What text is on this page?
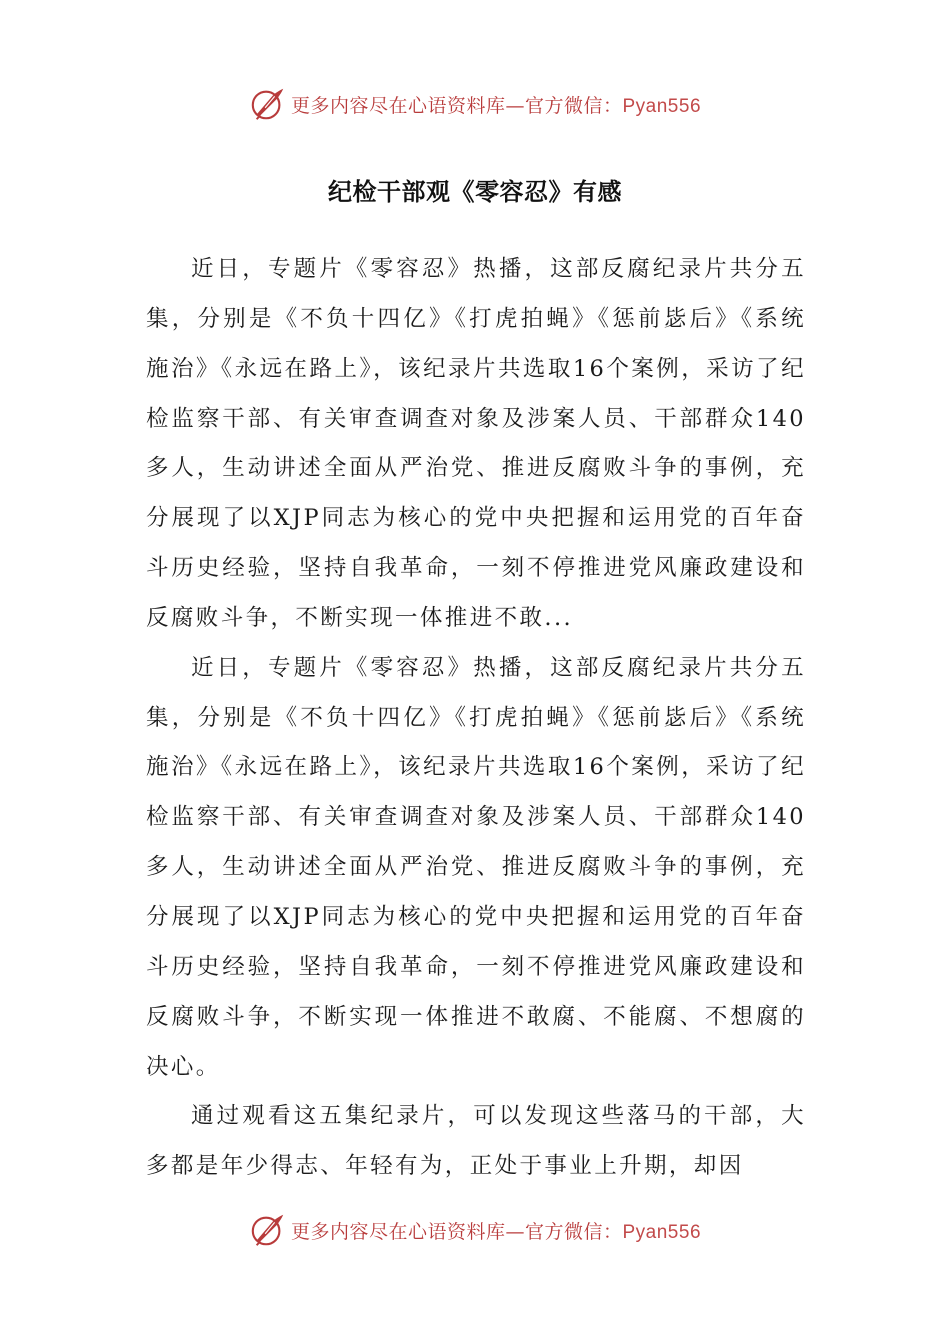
更多内容尽在心语资料库—官方微信：Pyan556
纪检干部观《零容忍》有感

近日，专题片《零容忍》热播，这部反腐纪录片共分五集，分别是《不负十四亿》《打虎拍蝇》《惩前毖后》《系统施治》《永远在路上》，该纪录片共选取16个案例，采访了纪检监察干部、有关审查调查对象及涉案人员、干部群众140多人，生动讲述全面从严治党、推进反腐败斗争的事例，充分展现了以XJP同志为核心的党中央把握和运用党的百年奋斗历史经验，坚持自我革命，一刻不停推进党风廉政建设和反腐败斗争，不断实现一体推进不敢...

近日，专题片《零容忍》热播，这部反腐纪录片共分五集，分别是《不负十四亿》《打虎拍蝇》《惩前毖后》《系统施治》《永远在路上》，该纪录片共选取16个案例，采访了纪检监察干部、有关审查调查对象及涉案人员、干部群众140多人，生动讲述全面从严治党、推进反腐败斗争的事例，充分展现了以XJP同志为核心的党中央把握和运用党的百年奋斗历史经验，坚持自我革命，一刻不停推进党风廉政建设和反腐败斗争，不断实现一体推进不敢腐、不能腐、不想腐的决心。

通过观看这五集纪录片，可以发现这些落马的干部，大多都是年少得志、年轻有为，正处于事业上升期，却因

更多内容尽在心语资料库—官方微信：Pyan556
